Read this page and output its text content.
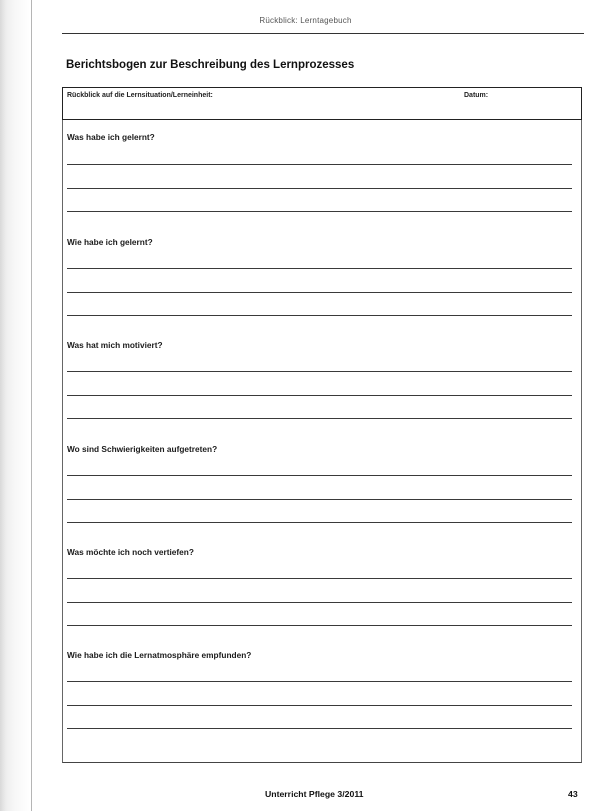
Rückblick: Lerntagebuch
Berichtsbogen zur Beschreibung des Lernprozesses
Rückblick auf die Lernsituation/Lerneinheit:	Datum:
Was habe ich gelernt?
Wie habe ich gelernt?
Was hat mich motiviert?
Wo sind Schwierigkeiten aufgetreten?
Was möchte ich noch vertiefen?
Wie habe ich die Lernatmosphäre empfunden?
Unterricht Pflege 3/2011	43
